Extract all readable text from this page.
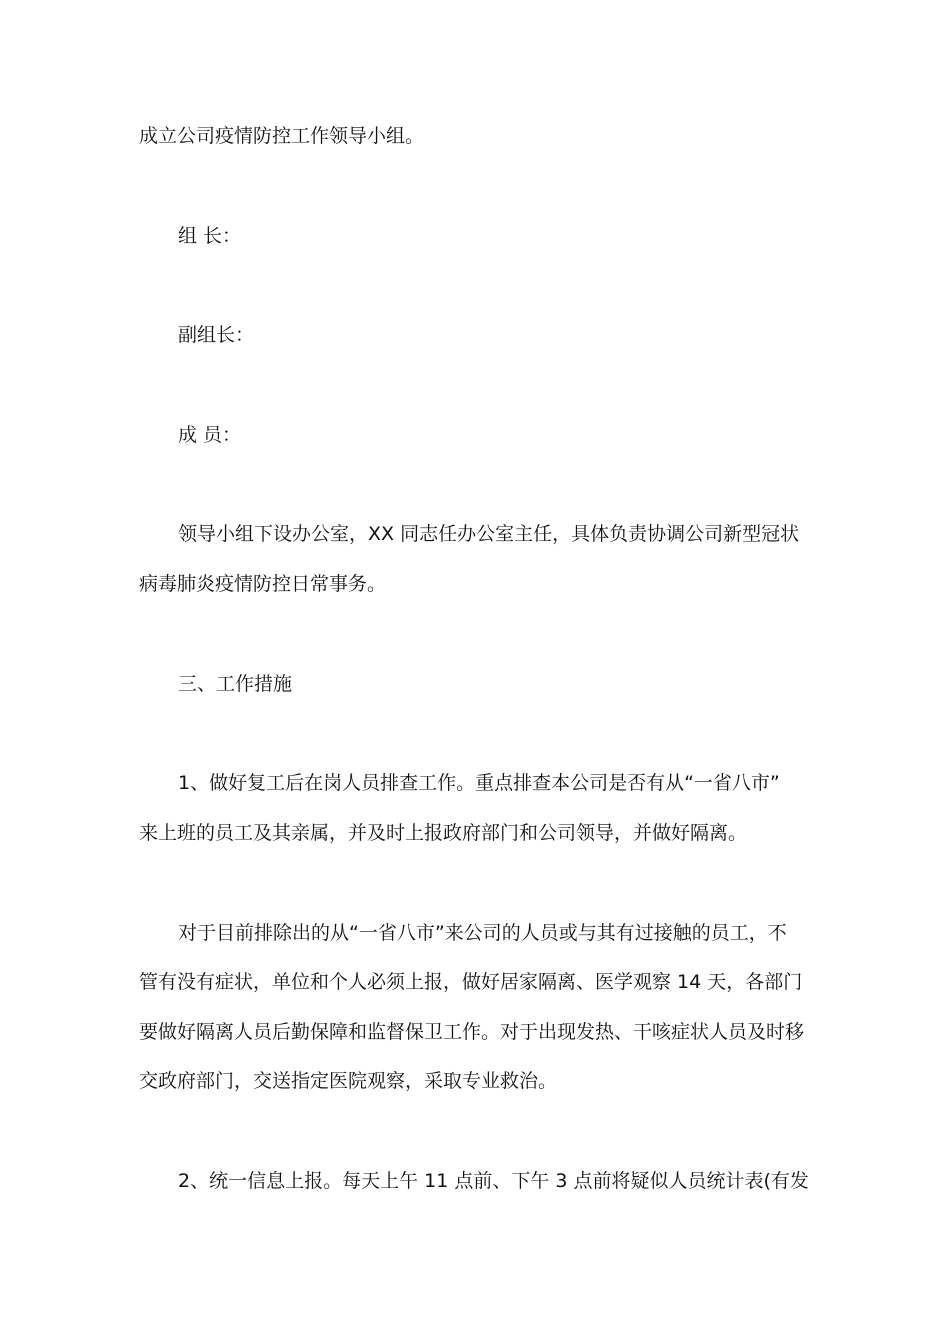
成立公司疫情防控工作领导小组。
组 长：
副组长：
成 员：
领导小组下设办公室，XX 同志任办公室主任，具体负责协调公司新型冠状
病毒肺炎疫情防控日常事务。
三、工作措施
1、做好复工后在岗人员排查工作。重点排查本公司是否有从“一省八市”
来上班的员工及其亲属，并及时上报政府部门和公司领导，并做好隔离。
对于目前排除出的从“一省八市”来公司的人员或与其有过接触的员工，不
管有没有症状，单位和个人必须上报，做好居家隔离、医学观察 14 天，各部门
要做好隔离人员后勤保障和监督保卫工作。对于出现发热、干咳症状人员及时移
交政府部门，交送指定医院观察，采取专业救治。
2、统一信息上报。每天上午 11 点前、下午 3 点前将疑似人员统计表(有发
